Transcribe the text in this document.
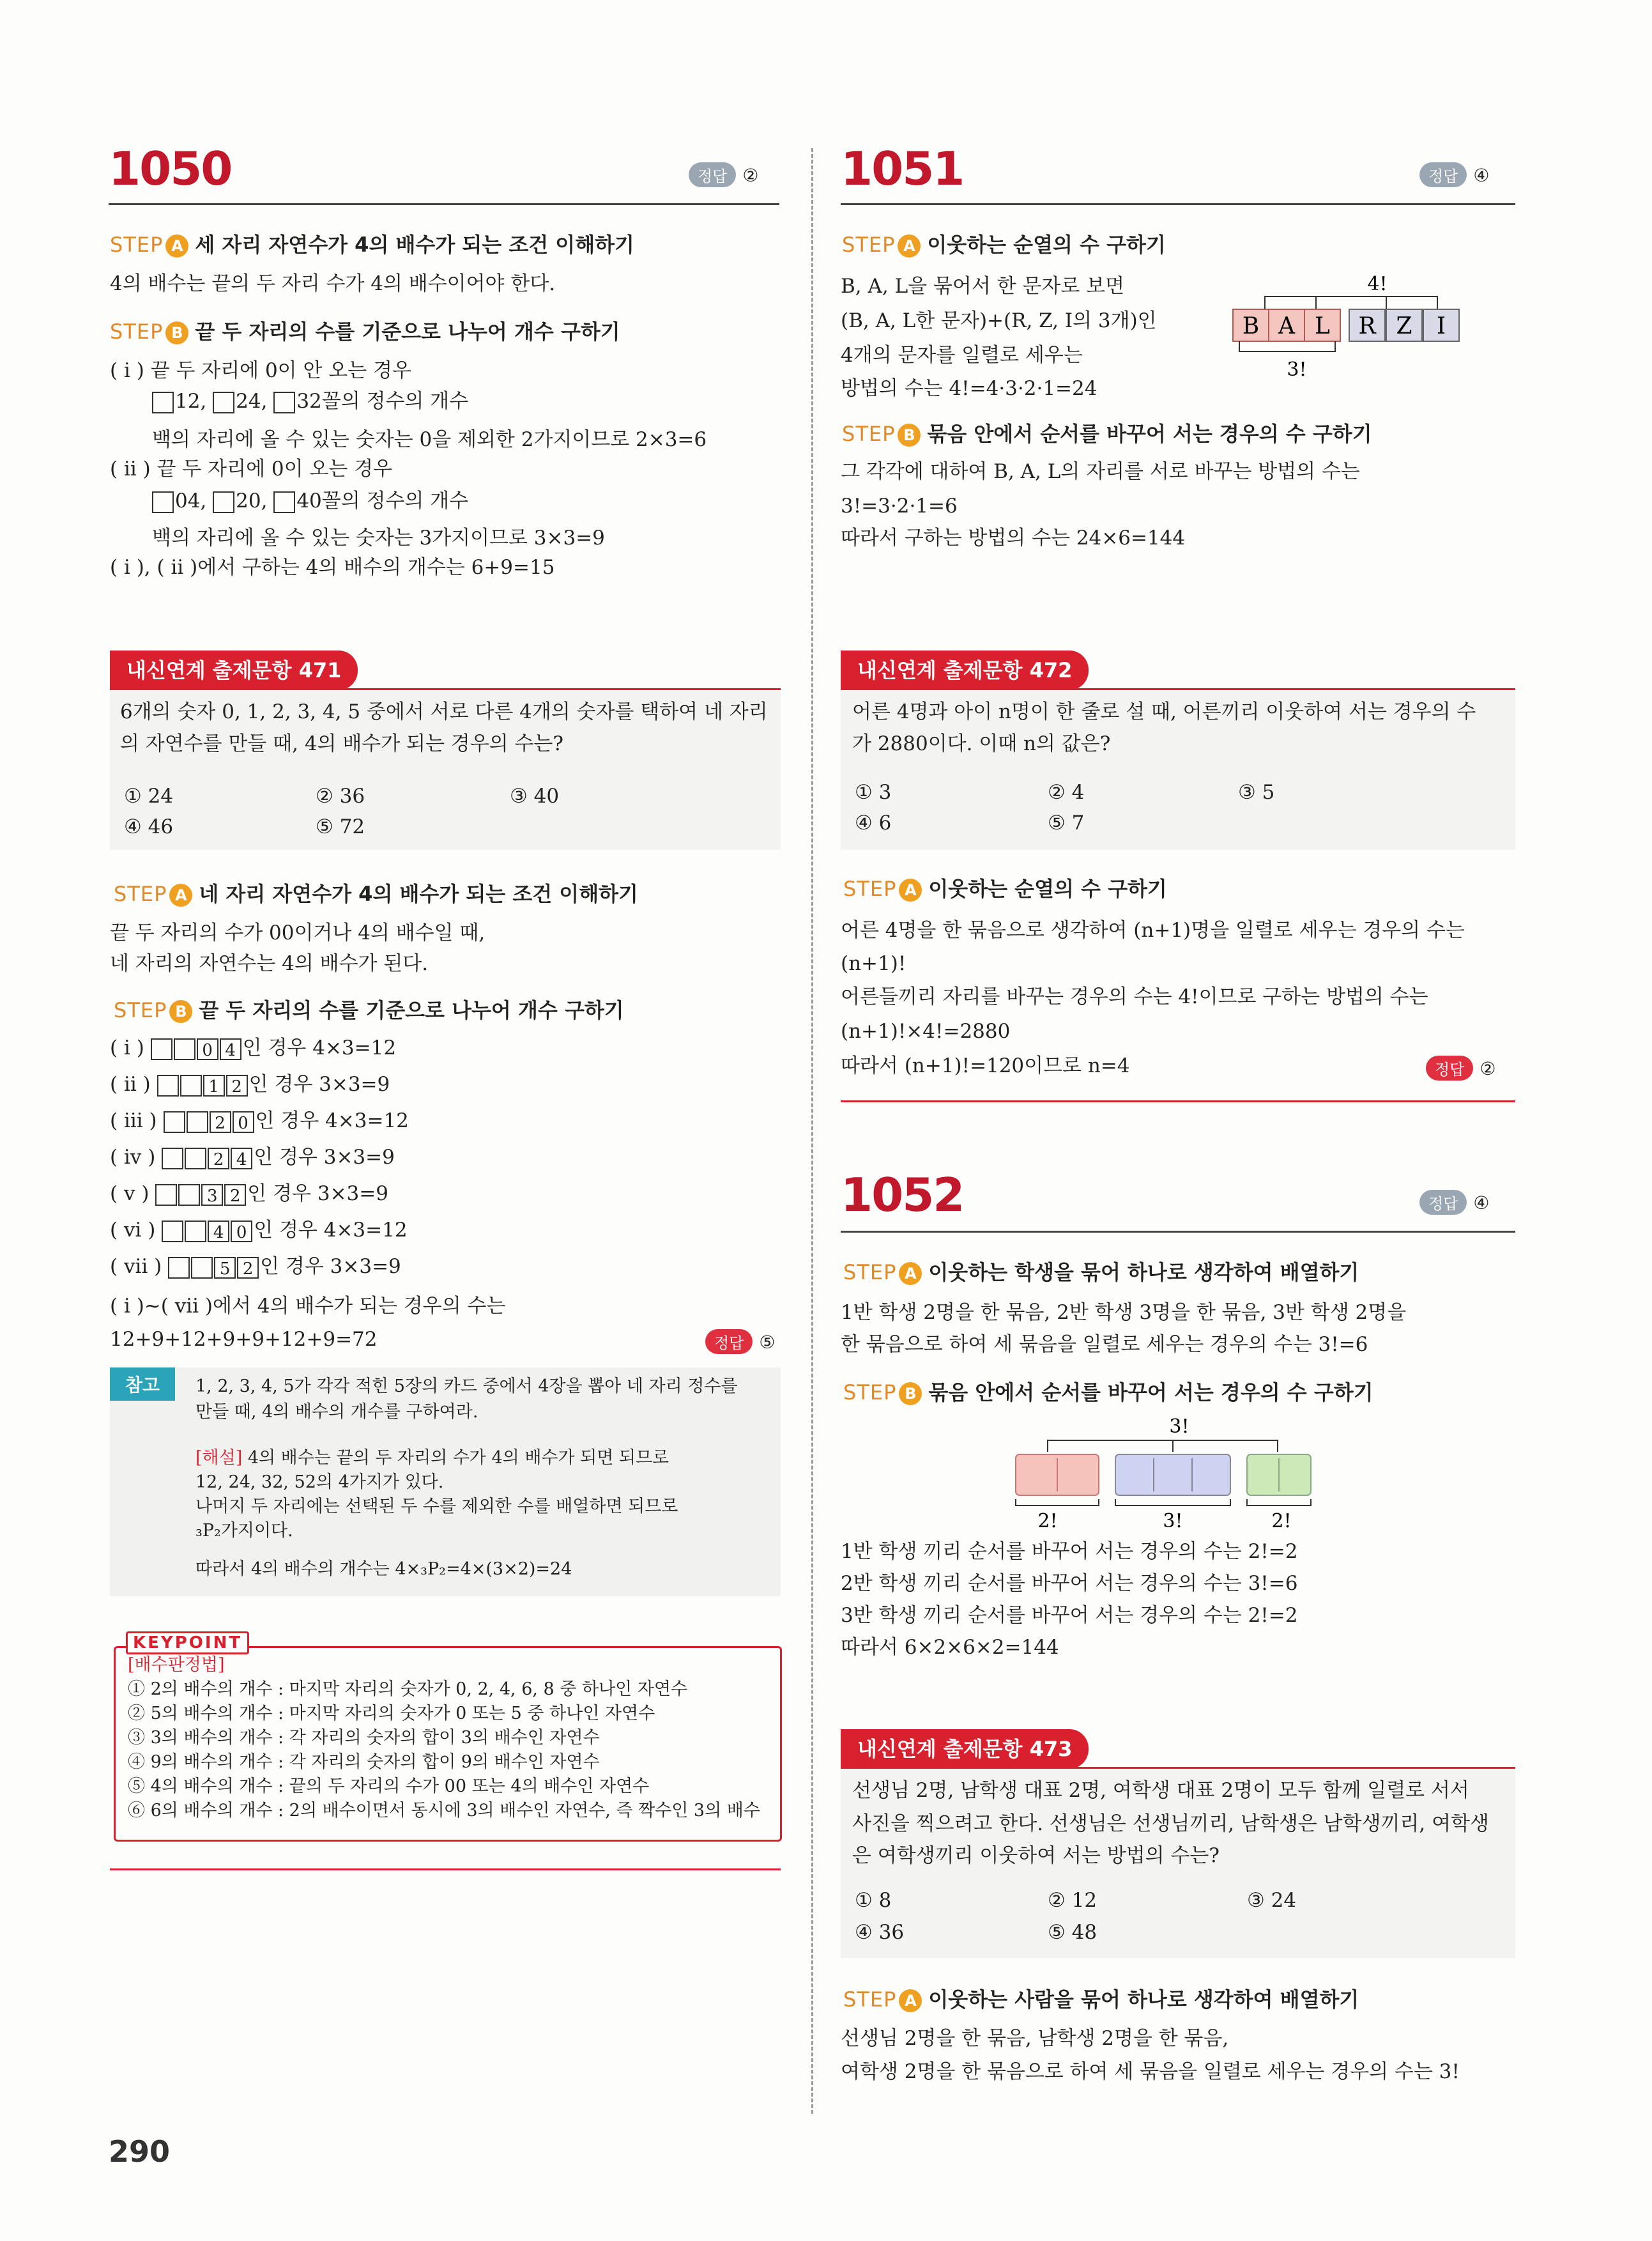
1050	정답 ②
STEP A 세 자리 자연수가 4의 배수가 되는 조건 이해하기
4의 배수는 끝의 두 자리 수가 4의 배수이어야 한다.
STEP B 끝 두 자리의 수를 기준으로 나누어 개수 구하기
( i ) 끝 두 자리에 0이 안 오는 경우
12, 24, 32꼴의 정수의 개수
백의 자리에 올 수 있는 숫자는 0을 제외한 2가지이므로 2×3=6
( ii ) 끝 두 자리에 0이 오는 경우
04, 20, 40꼴의 정수의 개수
백의 자리에 올 수 있는 숫자는 3가지이므로 3×3=9
( i ), ( ii )에서 구하는 4의 배수의 개수는 6+9=15
내신연계 출제문항 471
6개의 숫자 0, 1, 2, 3, 4, 5 중에서 서로 다른 4개의 숫자를 택하여 네 자리
의 자연수를 만들 때, 4의 배수가 되는 경우의 수는?
① 24	② 36	③ 40
④ 46	⑤ 72
STEP A 네 자리 자연수가 4의 배수가 되는 조건 이해하기
끝 두 자리의 수가 00이거나 4의 배수일 때,
네 자리의 자연수는 4의 배수가 된다.
STEP B 끝 두 자리의 수를 기준으로 나누어 개수 구하기
( i )	0 4 인 경우 4×3=12
( ii )	1 2 인 경우 3×3=9
( iii )	2 0 인 경우 4×3=12
( iv )	2 4 인 경우 3×3=9
( v )	3 2 인 경우 3×3=9
( vi )	4 0 인 경우 4×3=12
( vii )	5 2 인 경우 3×3=9
( i )~( vii )에서 4의 배수가 되는 경우의 수는
12+9+12+9+9+12+9=72	정답 ⑤
참고	1, 2, 3, 4, 5가 각각 적힌 5장의 카드 중에서 4장을 뽑아 네 자리 정수를
만들 때, 4의 배수의 개수를 구하여라.
[해설] 4의 배수는 끝의 두 자리의 수가 4의 배수가 되면 되므로
12, 24, 32, 52의 4가지가 있다.
나머지 두 자리에는 선택된 두 수를 제외한 수를 배열하면 되므로
₃P₂가지이다.
따라서 4의 배수의 개수는 4×₃P₂=4×(3×2)=24
KEYPOINT
[배수판정법]
① 2의 배수의 개수 : 마지막 자리의 숫자가 0, 2, 4, 6, 8 중 하나인 자연수
② 5의 배수의 개수 : 마지막 자리의 숫자가 0 또는 5 중 하나인 자연수
③ 3의 배수의 개수 : 각 자리의 숫자의 합이 3의 배수인 자연수
④ 9의 배수의 개수 : 각 자리의 숫자의 합이 9의 배수인 자연수
⑤ 4의 배수의 개수 : 끝의 두 자리의 수가 00 또는 4의 배수인 자연수
⑥ 6의 배수의 개수 : 2의 배수이면서 동시에 3의 배수인 자연수, 즉 짝수인 3의 배수
1051	정답 ④
STEP A 이웃하는 순열의 수 구하기
B, A, L을 묶어서 한 문자로 보면
(B, A, L한 문자)+(R, Z, I의 3개)인
4개의 문자를 일렬로 세우는
방법의 수는 4!=4·3·2·1=24
4!
B A L R Z I
3!
STEP B 묶음 안에서 순서를 바꾸어 서는 경우의 수 구하기
그 각각에 대하여 B, A, L의 자리를 서로 바꾸는 방법의 수는
3!=3·2·1=6
따라서 구하는 방법의 수는 24×6=144
내신연계 출제문항 472
어른 4명과 아이 n명이 한 줄로 설 때, 어른끼리 이웃하여 서는 경우의 수
가 2880이다. 이때 n의 값은?
① 3	② 4	③ 5
④ 6	⑤ 7
STEP A 이웃하는 순열의 수 구하기
어른 4명을 한 묶음으로 생각하여 (n+1)명을 일렬로 세우는 경우의 수는
(n+1)!
어른들끼리 자리를 바꾸는 경우의 수는 4!이므로 구하는 방법의 수는
(n+1)!×4!=2880
따라서 (n+1)!=120이므로 n=4	정답 ②
1052	정답 ④
STEP A 이웃하는 학생을 묶어 하나로 생각하여 배열하기
1반 학생 2명을 한 묶음, 2반 학생 3명을 한 묶음, 3반 학생 2명을
한 묶음으로 하여 세 묶음을 일렬로 세우는 경우의 수는 3!=6
STEP B 묶음 안에서 순서를 바꾸어 서는 경우의 수 구하기
3!
2!	3!	2!
1반 학생 끼리 순서를 바꾸어 서는 경우의 수는 2!=2
2반 학생 끼리 순서를 바꾸어 서는 경우의 수는 3!=6
3반 학생 끼리 순서를 바꾸어 서는 경우의 수는 2!=2
따라서 6×2×6×2=144
내신연계 출제문항 473
선생님 2명, 남학생 대표 2명, 여학생 대표 2명이 모두 함께 일렬로 서서
사진을 찍으려고 한다. 선생님은 선생님끼리, 남학생은 남학생끼리, 여학생
은 여학생끼리 이웃하여 서는 방법의 수는?
① 8	② 12	③ 24
④ 36	⑤ 48
STEP A 이웃하는 사람을 묶어 하나로 생각하여 배열하기
선생님 2명을 한 묶음, 남학생 2명을 한 묶음,
여학생 2명을 한 묶음으로 하여 세 묶음을 일렬로 세우는 경우의 수는 3!
290
